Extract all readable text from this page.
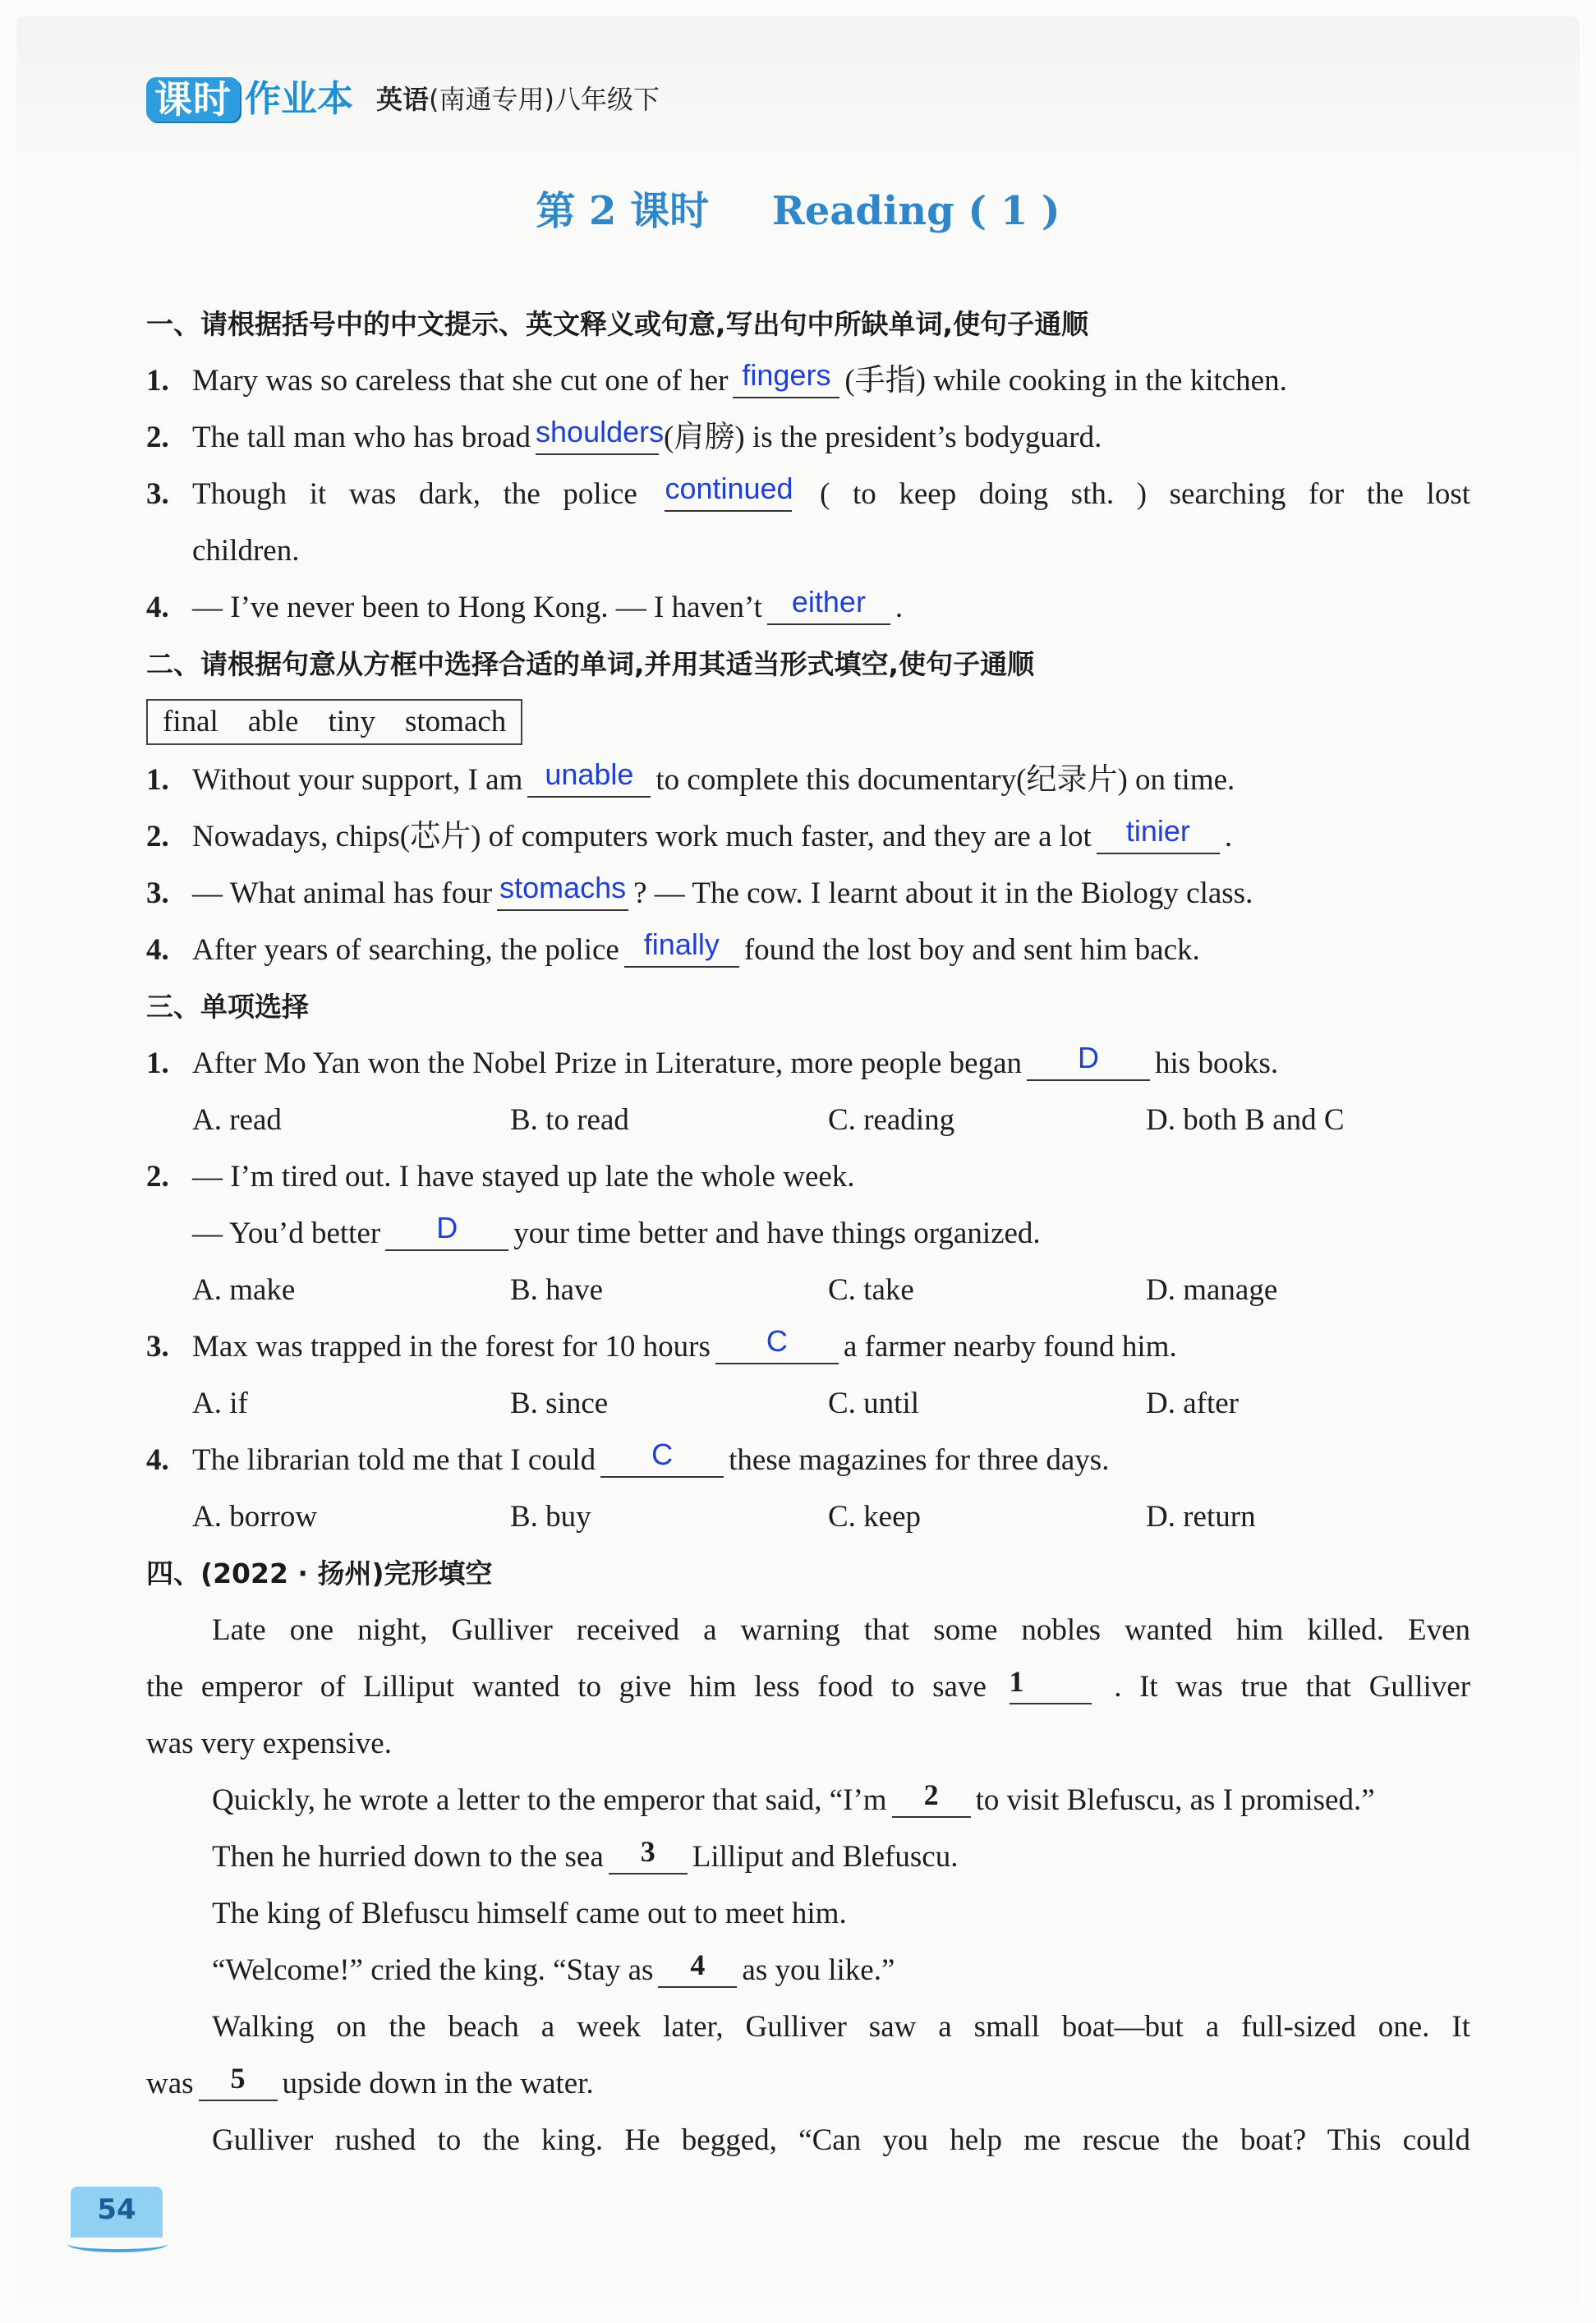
课时 作业本 英语(南通专用)八年级下
第 2 课时 Reading ( 1 )
一、请根据括号中的中文提示、英文释义或句意,写出句中所缺单词,使句子通顺
1. Mary was so careless that she cut one of her fingers (手指) while cooking in the kitchen.
2. The tall man who has broad shoulders(肩膀) is the president’s bodyguard.
3. Though it was dark, the police continued ( to keep doing sth. ) searching for the lost
children.
4. — I’ve never been to Hong Kong. — I haven’t either .
二、请根据句意从方框中选择合适的单词,并用其适当形式填空,使句子通顺
final able tiny stomach
1. Without your support, I am unable to complete this documentary(纪录片) on time.
2. Nowadays, chips(芯片) of computers work much faster, and they are a lot tinier .
3. — What animal has four stomachs ? — The cow. I learnt about it in the Biology class.
4. After years of searching, the police finally found the lost boy and sent him back.
三、单项选择
1. After Mo Yan won the Nobel Prize in Literature, more people began D his books.
A. read	B. to read	C. reading	D. both B and C
2. — I’m tired out. I have stayed up late the whole week.
— You’d better D your time better and have things organized.
A. make	B. have	C. take	D. manage
3. Max was trapped in the forest for 10 hours C a farmer nearby found him.
A. if	B. since	C. until	D. after
4. The librarian told me that I could C these magazines for three days.
A. borrow	B. buy	C. keep	D. return
四、(2022 · 扬州)完形填空
Late one night, Gulliver received a warning that some nobles wanted him killed. Even
the emperor of Lilliput wanted to give him less food to save 1	. It was true that Gulliver
was very expensive.
Quickly, he wrote a letter to the emperor that said, “I’m 2 to visit Blefuscu, as I promised.”
Then he hurried down to the sea 3 Lilliput and Blefuscu.
The king of Blefuscu himself came out to meet him.
“Welcome!” cried the king. “Stay as 4 as you like.”
Walking on the beach a week later, Gulliver saw a small boat—but a full-sized one. It
was 5 upside down in the water.
Gulliver rushed to the king. He begged, “Can you help me rescue the boat? This could
54
